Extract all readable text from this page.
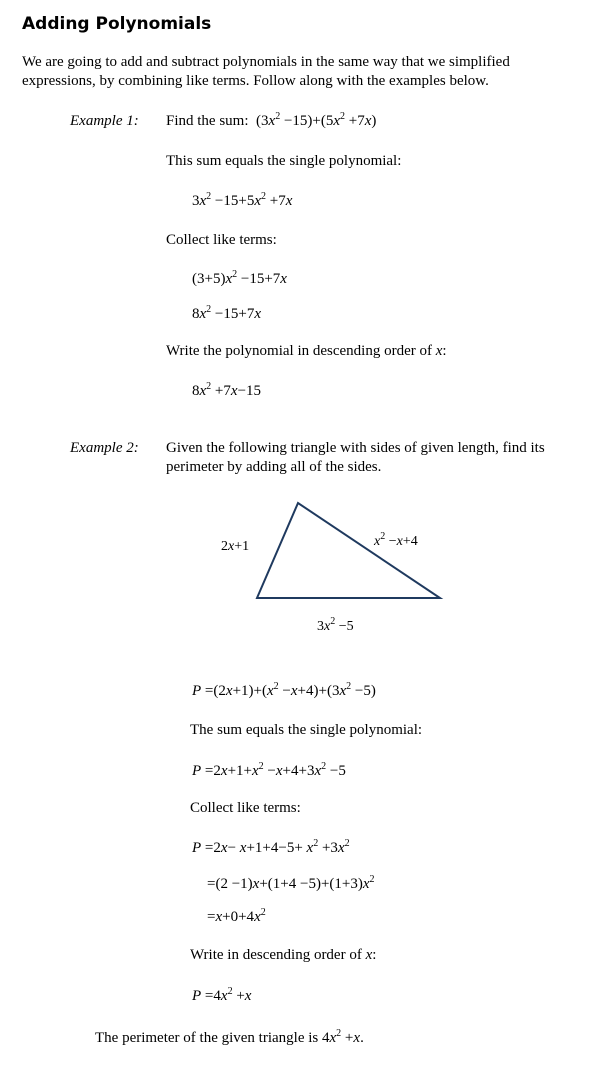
Adding Polynomials
We are going to add and subtract polynomials in the same way that we simplified expressions, by combining like terms. Follow along with the examples below.
Example 1: Find the sum:  $(3x^2 -15)+(5x^2 +7x)$
This sum equals the single polynomial:
$3x^2 -15+5x^2 +7x$
Collect like terms:
$(3+5)x^2 -15+7x$
$8x^2 -15+7x$
Write the polynomial in descending order of x:
$8x^2 +7x-15$
Example 2: Given the following triangle with sides of given length, find its
perimeter by adding all of the sides.
2x+1	$x^2 -x+4$
$3x^2 -5$
$P =(2x+1)+(x^2 -x+4)+(3x^2 -5)$
The sum equals the single polynomial:
$P =2x+1+x^2 -x+4+3x^2 -5$
Collect like terms:
$P =2x- x+1+4-5+ x^2 +3x^2$
$=(2 -1)x+(1+4 -5)+(1+3)x^2$
$=x+0+4x^2$
Write in descending order of x:
$P =4x^2 +x$
The perimeter of the given triangle is $4x^2 +x$.
